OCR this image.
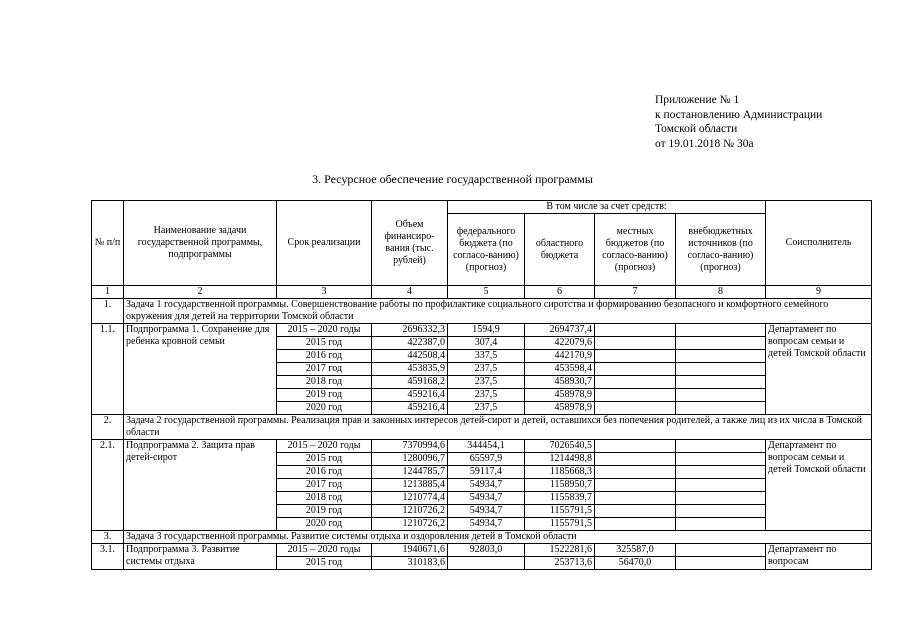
Приложение № 1
к постановлению Администрации
Томской области
от 19.01.2018 № 30а
3. Ресурсное обеспечение государственной программы
№ п/п	Наименование задачи государственной программы, подпрограммы	Срок реализации	Объем финансиро-вания (тыс. рублей)	В том числе за счет средств:				Соисполнитель
				федерального бюджета (по согласо-ванию) (прогноз)	областного бюджета	местных бюджетов (по согласо-ванию) (прогноз)	внебюджетных источников (по согласо-ванию) (прогноз)	
1	2	3	4	5	6	7	8	9
1.	Задача 1 государственной программы. Совершенствование работы по профилактике социального сиротства и формированию безопасного и комфортного семейного окружения для детей на территории Томской области							
1.1.	Подпрограмма 1. Сохранение для ребенка кровной семьи	2015 – 2020 годы	2696332,3	1594,9	2694737,4			Департамент по вопросам семьи и детей Томской области
		2015 год	422387,0	307,4	422079,6			
		2016 год	442508,4	337,5	442170,9			
		2017 год	453835,9	237,5	453598,4			
		2018 год	459168,2	237,5	458930,7			
		2019 год	459216,4	237,5	458978,9			
		2020 год	459216,4	237,5	458978,9			
2.	Задача 2 государственной программы. Реализация прав и законных интересов детей-сирот и детей, оставшихся без попечения родителей, а также лиц из их числа в Томской области							
2.1.	Подпрограмма 2. Защита прав детей-сирот	2015 – 2020 годы	7370994,6	344454,1	7026540,5			Департамент по вопросам семьи и детей Томской области
		2015 год	1280096,7	65597,9	1214498,8			
		2016 год	1244785,7	59117,4	1185668,3			
		2017 год	1213885,4	54934,7	1158950,7			
		2018 год	1210774,4	54934,7	1155839,7			
		2019 год	1210726,2	54934,7	1155791,5			
		2020 год	1210726,2	54934,7	1155791,5			
3.	Задача 3 государственной программы. Развитие системы отдыха и оздоровления детей в Томской области							
3.1.	Подпрограмма 3. Развитие системы отдыха	2015 – 2020 годы	1940671,6	92803,0	1522281,6	325587,0		Департамент по вопросам
		2015 год	310183,6		253713,6	56470,0		
